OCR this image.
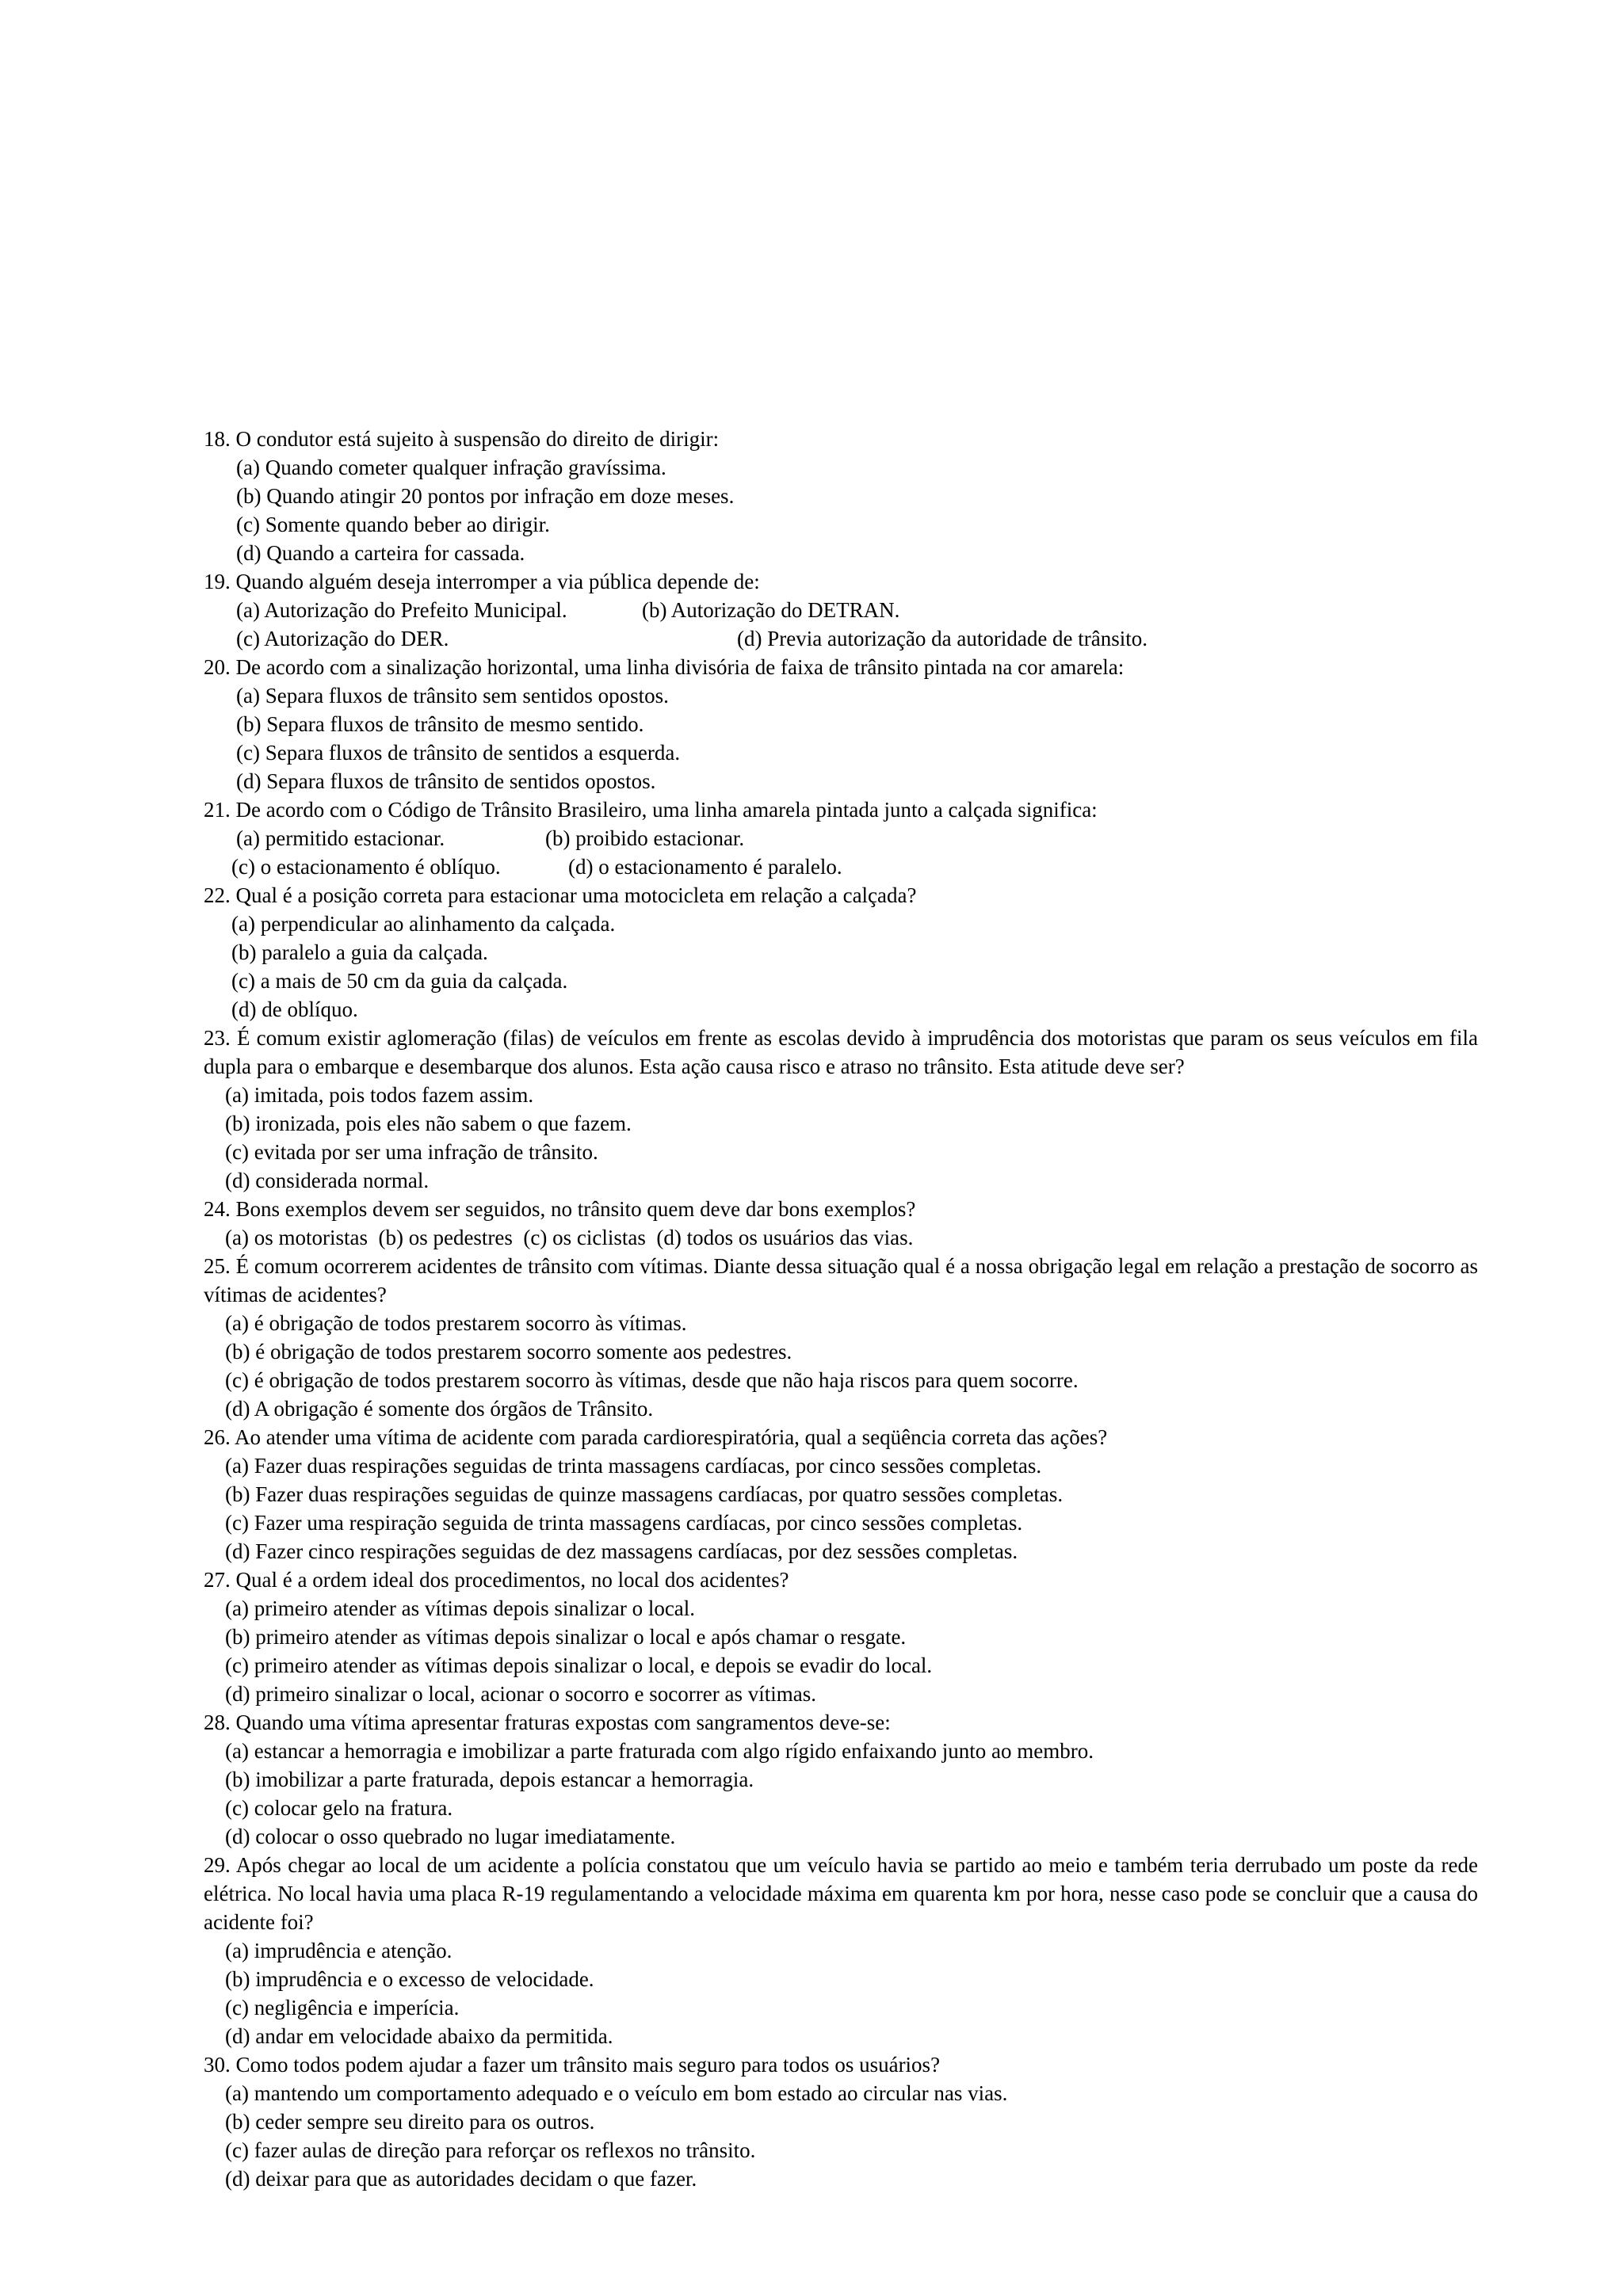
18. O condutor está sujeito à suspensão do direito de dirigir:

(a) Quando cometer qualquer infração gravíssima.

(b) Quando atingir 20 pontos por infração em doze meses.

(c) Somente quando beber ao dirigir.

(d) Quando a carteira for cassada.

19. Quando alguém deseja interromper a via pública depende de:

(a) Autorização do Prefeito Municipal.	(b) Autorização do DETRAN.
(c) Autorização do DER.	(d) Previa autorização da autoridade de trânsito.

20. De acordo com a sinalização horizontal, uma linha divisória de faixa de trânsito pintada na cor amarela:

(a) Separa fluxos de trânsito sem sentidos opostos.

(b) Separa fluxos de trânsito de mesmo sentido.

(c) Separa fluxos de trânsito de sentidos a esquerda.

(d) Separa fluxos de trânsito de sentidos opostos.

21. De acordo com o Código de Trânsito Brasileiro, uma linha amarela pintada junto a calçada significa:

(a) permitido estacionar.	(b) proibido estacionar.
(c) o estacionamento é oblíquo.	(d) o estacionamento é paralelo.

22. Qual é a posição correta para estacionar uma motocicleta em relação a calçada?

(a) perpendicular ao alinhamento da calçada.

(b) paralelo a guia da calçada.

(c) a mais de 50 cm da guia da calçada.

(d) de oblíquo.

23. É comum existir aglomeração (filas) de veículos em frente as escolas devido à imprudência dos motoristas que param os seus veículos em fila dupla para o embarque e desembarque dos alunos. Esta ação causa risco e atraso no trânsito. Esta atitude deve ser?

(a) imitada, pois todos fazem assim.

(b) ironizada, pois eles não sabem o que fazem.

(c) evitada por ser uma infração de trânsito.

(d) considerada normal.

24. Bons exemplos devem ser seguidos, no trânsito quem deve dar bons exemplos?

(a) os motoristas  (b) os pedestres  (c) os ciclistas  (d) todos os usuários das vias.

25. É comum ocorrerem acidentes de trânsito com vítimas. Diante dessa situação qual é a nossa obrigação legal em relação a prestação de socorro as vítimas de acidentes?

(a) é obrigação de todos prestarem socorro às vítimas.

(b) é obrigação de todos prestarem socorro somente aos pedestres.

(c) é obrigação de todos prestarem socorro às vítimas, desde que não haja riscos para quem socorre.

(d) A obrigação é somente dos órgãos de Trânsito.

26. Ao atender uma vítima de acidente com parada cardiorespiratória, qual a seqüência correta das ações?

(a) Fazer duas respirações seguidas de trinta massagens cardíacas, por cinco sessões completas.

(b) Fazer duas respirações seguidas de quinze massagens cardíacas, por quatro sessões completas.

(c) Fazer uma respiração seguida de trinta massagens cardíacas, por cinco sessões completas.

(d) Fazer cinco respirações seguidas de dez massagens cardíacas, por dez sessões completas.

27. Qual é a ordem ideal dos procedimentos, no local dos acidentes?

(a) primeiro atender as vítimas depois sinalizar o local.

(b) primeiro atender as vítimas depois sinalizar o local e após chamar o resgate.

(c) primeiro atender as vítimas depois sinalizar o local, e depois se evadir do local.

(d) primeiro sinalizar o local, acionar o socorro e socorrer as vítimas.

28. Quando uma vítima apresentar fraturas expostas com sangramentos deve-se:

(a) estancar a hemorragia e imobilizar a parte fraturada com algo rígido enfaixando junto ao membro.

(b) imobilizar a parte fraturada, depois estancar a hemorragia.

(c) colocar gelo na fratura.

(d) colocar o osso quebrado no lugar imediatamente.

29. Após chegar ao local de um acidente a polícia constatou que um veículo havia se partido ao meio e também teria derrubado um poste da rede elétrica. No local havia uma placa R-19 regulamentando a velocidade máxima em quarenta km por hora, nesse caso pode se concluir que a causa do acidente foi?

(a) imprudência e atenção.

(b) imprudência e o excesso de velocidade.

(c) negligência e imperícia.

(d) andar em velocidade abaixo da permitida.

30. Como todos podem ajudar a fazer um trânsito mais seguro para todos os usuários?

(a) mantendo um comportamento adequado e o veículo em bom estado ao circular nas vias.

(b) ceder sempre seu direito para os outros.

(c) fazer aulas de direção para reforçar os reflexos no trânsito.

(d) deixar para que as autoridades decidam o que fazer.
